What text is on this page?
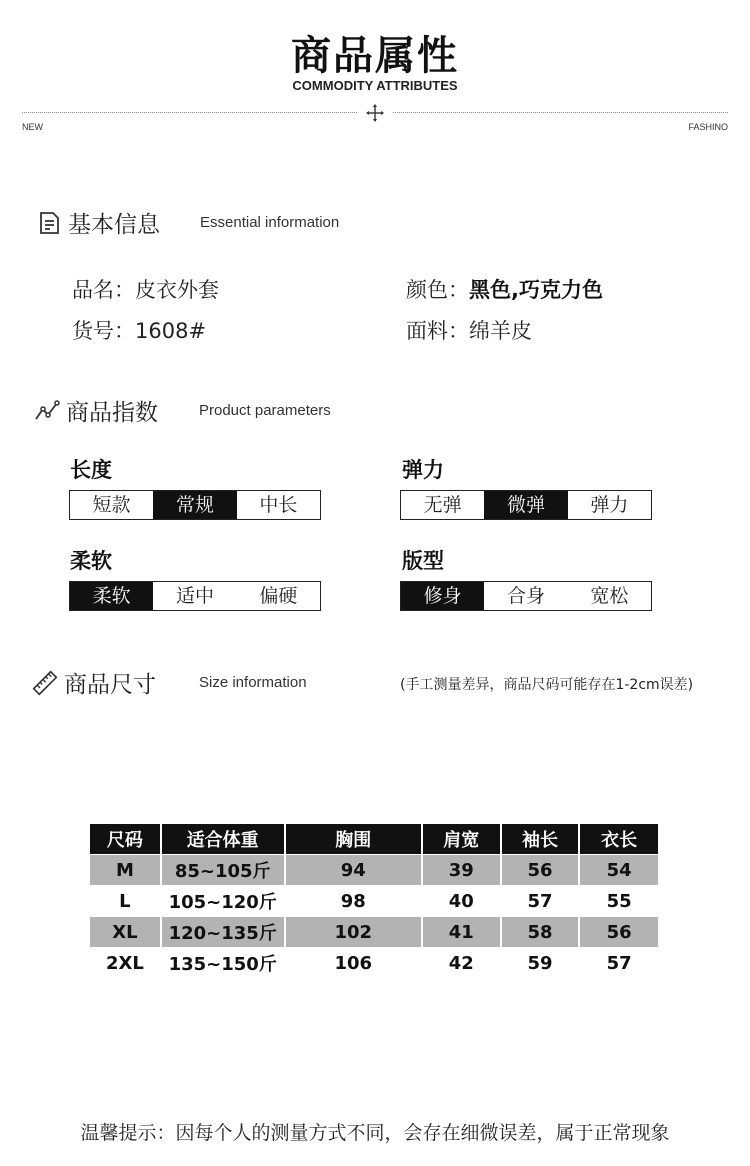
商品属性
COMMODITY ATTRIBUTES
NEW	FASHINO
基本信息	Essential information
品名：皮衣外套
货号：1608#
颜色：黑色,巧克力色
面料：绵羊皮
商品指数	Product parameters
长度
短款	常规	中长
弹力
无弹	微弹	弹力
柔软
柔软	适中	偏硬
版型
修身	合身	宽松
商品尺寸	Size information	(手工测量差异，商品尺码可能存在1-2cm误差)
尺码	适合体重	胸围	肩宽	袖长	衣长
M	85~105斤	94	39	56	54
L	105~120斤	98	40	57	55
XL	120~135斤	102	41	58	56
2XL	135~150斤	106	42	59	57
温馨提示：因每个人的测量方式不同，会存在细微误差，属于正常现象
